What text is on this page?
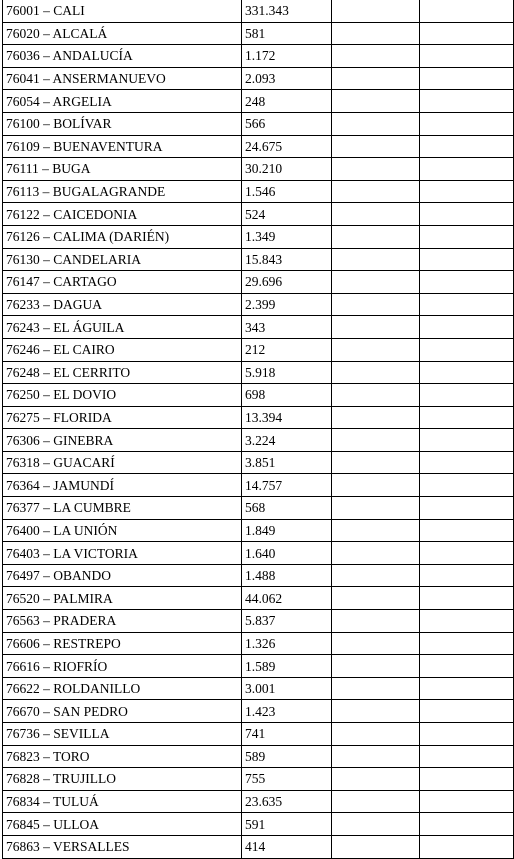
76001 – CALI	331.343		
76020 – ALCALÁ	581		
76036 – ANDALUCÍA	1.172		
76041 – ANSERMANUEVO	2.093		
76054 – ARGELIA	248		
76100 – BOLÍVAR	566		
76109 – BUENAVENTURA	24.675		
76111 – BUGA	30.210		
76113 – BUGALAGRANDE	1.546		
76122 – CAICEDONIA	524		
76126 – CALIMA (DARIÉN)	1.349		
76130 – CANDELARIA	15.843		
76147 – CARTAGO	29.696		
76233 – DAGUA	2.399		
76243 – EL ÁGUILA	343		
76246 – EL CAIRO	212		
76248 – EL CERRITO	5.918		
76250 – EL DOVIO	698		
76275 – FLORIDA	13.394		
76306 – GINEBRA	3.224		
76318 – GUACARÍ	3.851		
76364 – JAMUNDÍ	14.757		
76377 – LA CUMBRE	568		
76400 – LA UNIÓN	1.849		
76403 – LA VICTORIA	1.640		
76497 – OBANDO	1.488		
76520 – PALMIRA	44.062		
76563 – PRADERA	5.837		
76606 – RESTREPO	1.326		
76616 – RIOFRÍO	1.589		
76622 – ROLDANILLO	3.001		
76670 – SAN PEDRO	1.423		
76736 – SEVILLA	741		
76823 – TORO	589		
76828 – TRUJILLO	755		
76834 – TULUÁ	23.635		
76845 – ULLOA	591		
76863 – VERSALLES	414		
